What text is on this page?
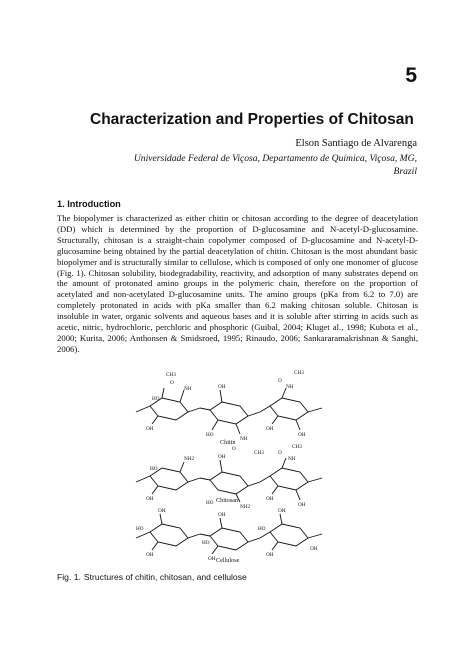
5
Characterization and Properties of Chitosan
Elson Santiago de Alvarenga
Universidade Federal de Viçosa, Departamento de Química, Viçosa, MG,
Brazil
1. Introduction

The biopolymer is characterized as either chitin or chitosan according to the degree of deacetylation (DD) which is determined by the proportion of D-glucosamine and N-acetyl-D-glucosamine. Structurally, chitosan is a straight-chain copolymer composed of D-glucosamine and N-acetyl-D-glucosamine being obtained by the partial deacetylation of chitin. Chitosan is the most abundant basic biopolymer and is structurally similar to cellulose, which is composed of only one monomer of glucose (Fig. 1). Chitosan solubility, biodegradability, reactivity, and adsorption of many substrates depend on the amount of protonated amino groups in the polymeric chain, therefore on the proportion of acetylated and non-acetylated D-glucosamine units. The amino groups (pKa from 6.2 to 7.0) are completely protonated in acids with pKa smaller than 6.2 making chitosan soluble. Chitosan is insoluble in water, organic solvents and aqueous bases and it is soluble after stirring in acids such as acetic, nitric, hydrochloric, perchloric and phosphoric (Guibal, 2004; Kluget al., 1998; Kubota et al., 2000; Kurita, 2006; Anthonsen & Smidsroed, 1995; Rinaudo, 2006; Sankararamakrishnan & Sanghi, 2006).

CH3
O
NH
HO
OH
OH
HO
NH
CH3
O
CH3
O
NH
OH
OH
Chitin
NH2
HO
OH
OH
HO
NH2
CH3
O
NH
OH
OH
Chitosan
OH
HO
OH
OH
HO
OH
OH
HO
OH
OH
Cellulose
Fig. 1. Structures of chitin, chitosan, and cellulose
